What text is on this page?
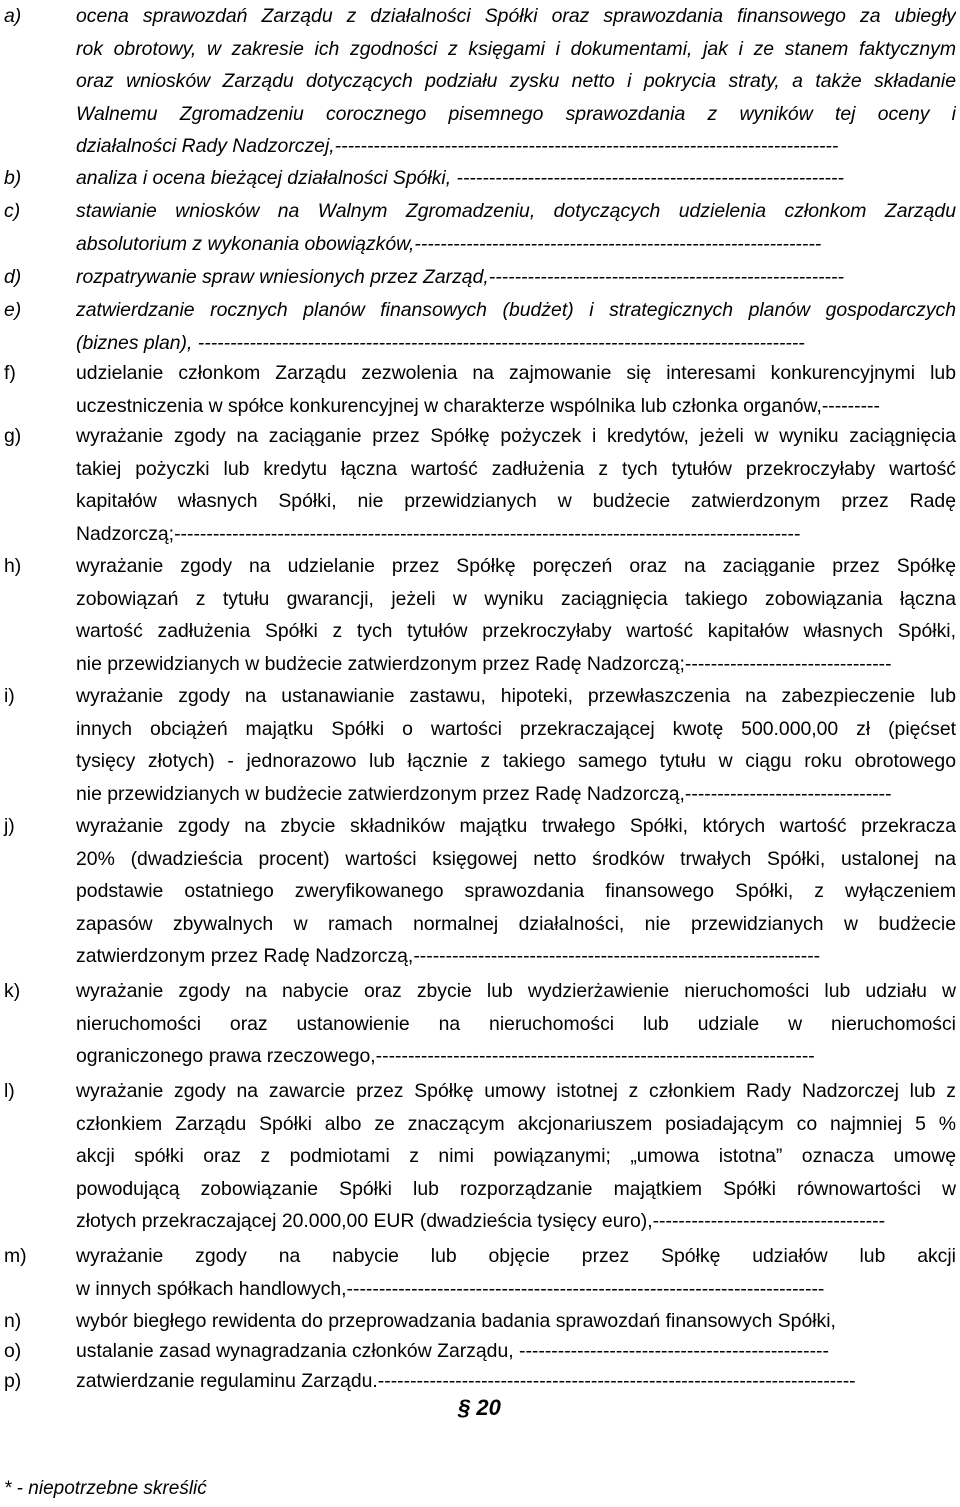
a)	ocena sprawozdań Zarządu z działalności Spółki oraz sprawozdania finansowego za ubiegły
rok obrotowy, w zakresie ich zgodności z księgami i dokumentami, jak i ze stanem faktycznym
oraz wniosków Zarządu dotyczących podziału zysku netto i pokrycia straty, a także składanie
Walnemu Zgromadzeniu corocznego pisemnego sprawozdania z wyników tej oceny i
działalności Rady Nadzorczej,------------------------------------------------------------------------------
b)	analiza i ocena bieżącej działalności Spółki, ------------------------------------------------------------
c)	stawianie wniosków na Walnym Zgromadzeniu, dotyczących udzielenia członkom Zarządu
absolutorium z wykonania obowiązków,---------------------------------------------------------------
d)	rozpatrywanie spraw wniesionych przez Zarząd,-------------------------------------------------------
e)	zatwierdzanie rocznych planów finansowych (budżet) i strategicznych planów gospodarczych
(biznes plan), ----------------------------------------------------------------------------------------------
f)	udzielanie członkom Zarządu zezwolenia na zajmowanie się interesami konkurencyjnymi lub
uczestniczenia w spółce konkurencyjnej w charakterze wspólnika lub członka organów,---------
g)	wyrażanie zgody na zaciąganie przez Spółkę pożyczek i kredytów, jeżeli w wyniku zaciągnięcia
takiej pożyczki lub kredytu łączna wartość zadłużenia z tych tytułów przekroczyłaby wartość
kapitałów własnych Spółki, nie przewidzianych w budżecie zatwierdzonym przez Radę
Nadzorczą;-------------------------------------------------------------------------------------------------
h)	wyrażanie zgody na udzielanie przez Spółkę poręczeń oraz na zaciąganie przez Spółkę
zobowiązań z tytułu gwarancji, jeżeli w wyniku zaciągnięcia takiego zobowiązania łączna
wartość zadłużenia Spółki z tych tytułów przekroczyłaby wartość kapitałów własnych Spółki,
nie przewidzianych w budżecie zatwierdzonym przez Radę Nadzorczą;--------------------------------
i)	wyrażanie zgody na ustanawianie zastawu, hipoteki, przewłaszczenia na zabezpieczenie lub
innych obciążeń majątku Spółki o wartości przekraczającej kwotę 500.000,00 zł (pięćset
tysięcy złotych) - jednorazowo lub łącznie z takiego samego tytułu w ciągu roku obrotowego
nie przewidzianych w budżecie zatwierdzonym przez Radę Nadzorczą,--------------------------------
j)	wyrażanie zgody na zbycie składników majątku trwałego Spółki, których wartość przekracza
20% (dwadzieścia procent) wartości księgowej netto środków trwałych Spółki, ustalonej na
podstawie ostatniego zweryfikowanego sprawozdania finansowego Spółki, z wyłączeniem
zapasów zbywalnych w ramach normalnej działalności, nie przewidzianych w budżecie
zatwierdzonym przez Radę Nadzorczą,---------------------------------------------------------------
k)	wyrażanie zgody na nabycie oraz zbycie lub wydzierżawienie nieruchomości lub udziału w
nieruchomości oraz ustanowienie na nieruchomości lub udziale w nieruchomości
ograniczonego prawa rzeczowego,--------------------------------------------------------------------
l)	wyrażanie zgody na zawarcie przez Spółkę umowy istotnej z członkiem Rady Nadzorczej lub z
członkiem Zarządu Spółki albo ze znaczącym akcjonariuszem posiadającym co najmniej 5 %
akcji spółki oraz z podmiotami z nimi powiązanymi; „umowa istotna” oznacza umowę
powodującą zobowiązanie Spółki lub rozporządzanie majątkiem Spółki równowartości w
złotych przekraczającej 20.000,00 EUR (dwadzieścia tysięcy euro),------------------------------------
m)	wyrażanie zgody na nabycie lub objęcie przez Spółkę udziałów lub akcji
w innych spółkach handlowych,--------------------------------------------------------------------------
n)	wybór biegłego rewidenta do przeprowadzania badania sprawozdań finansowych Spółki,
o)	ustalanie zasad wynagradzania członków Zarządu, ------------------------------------------------
p)	zatwierdzanie regulaminu Zarządu.--------------------------------------------------------------------------
§ 20
* - niepotrzebne skreślić
